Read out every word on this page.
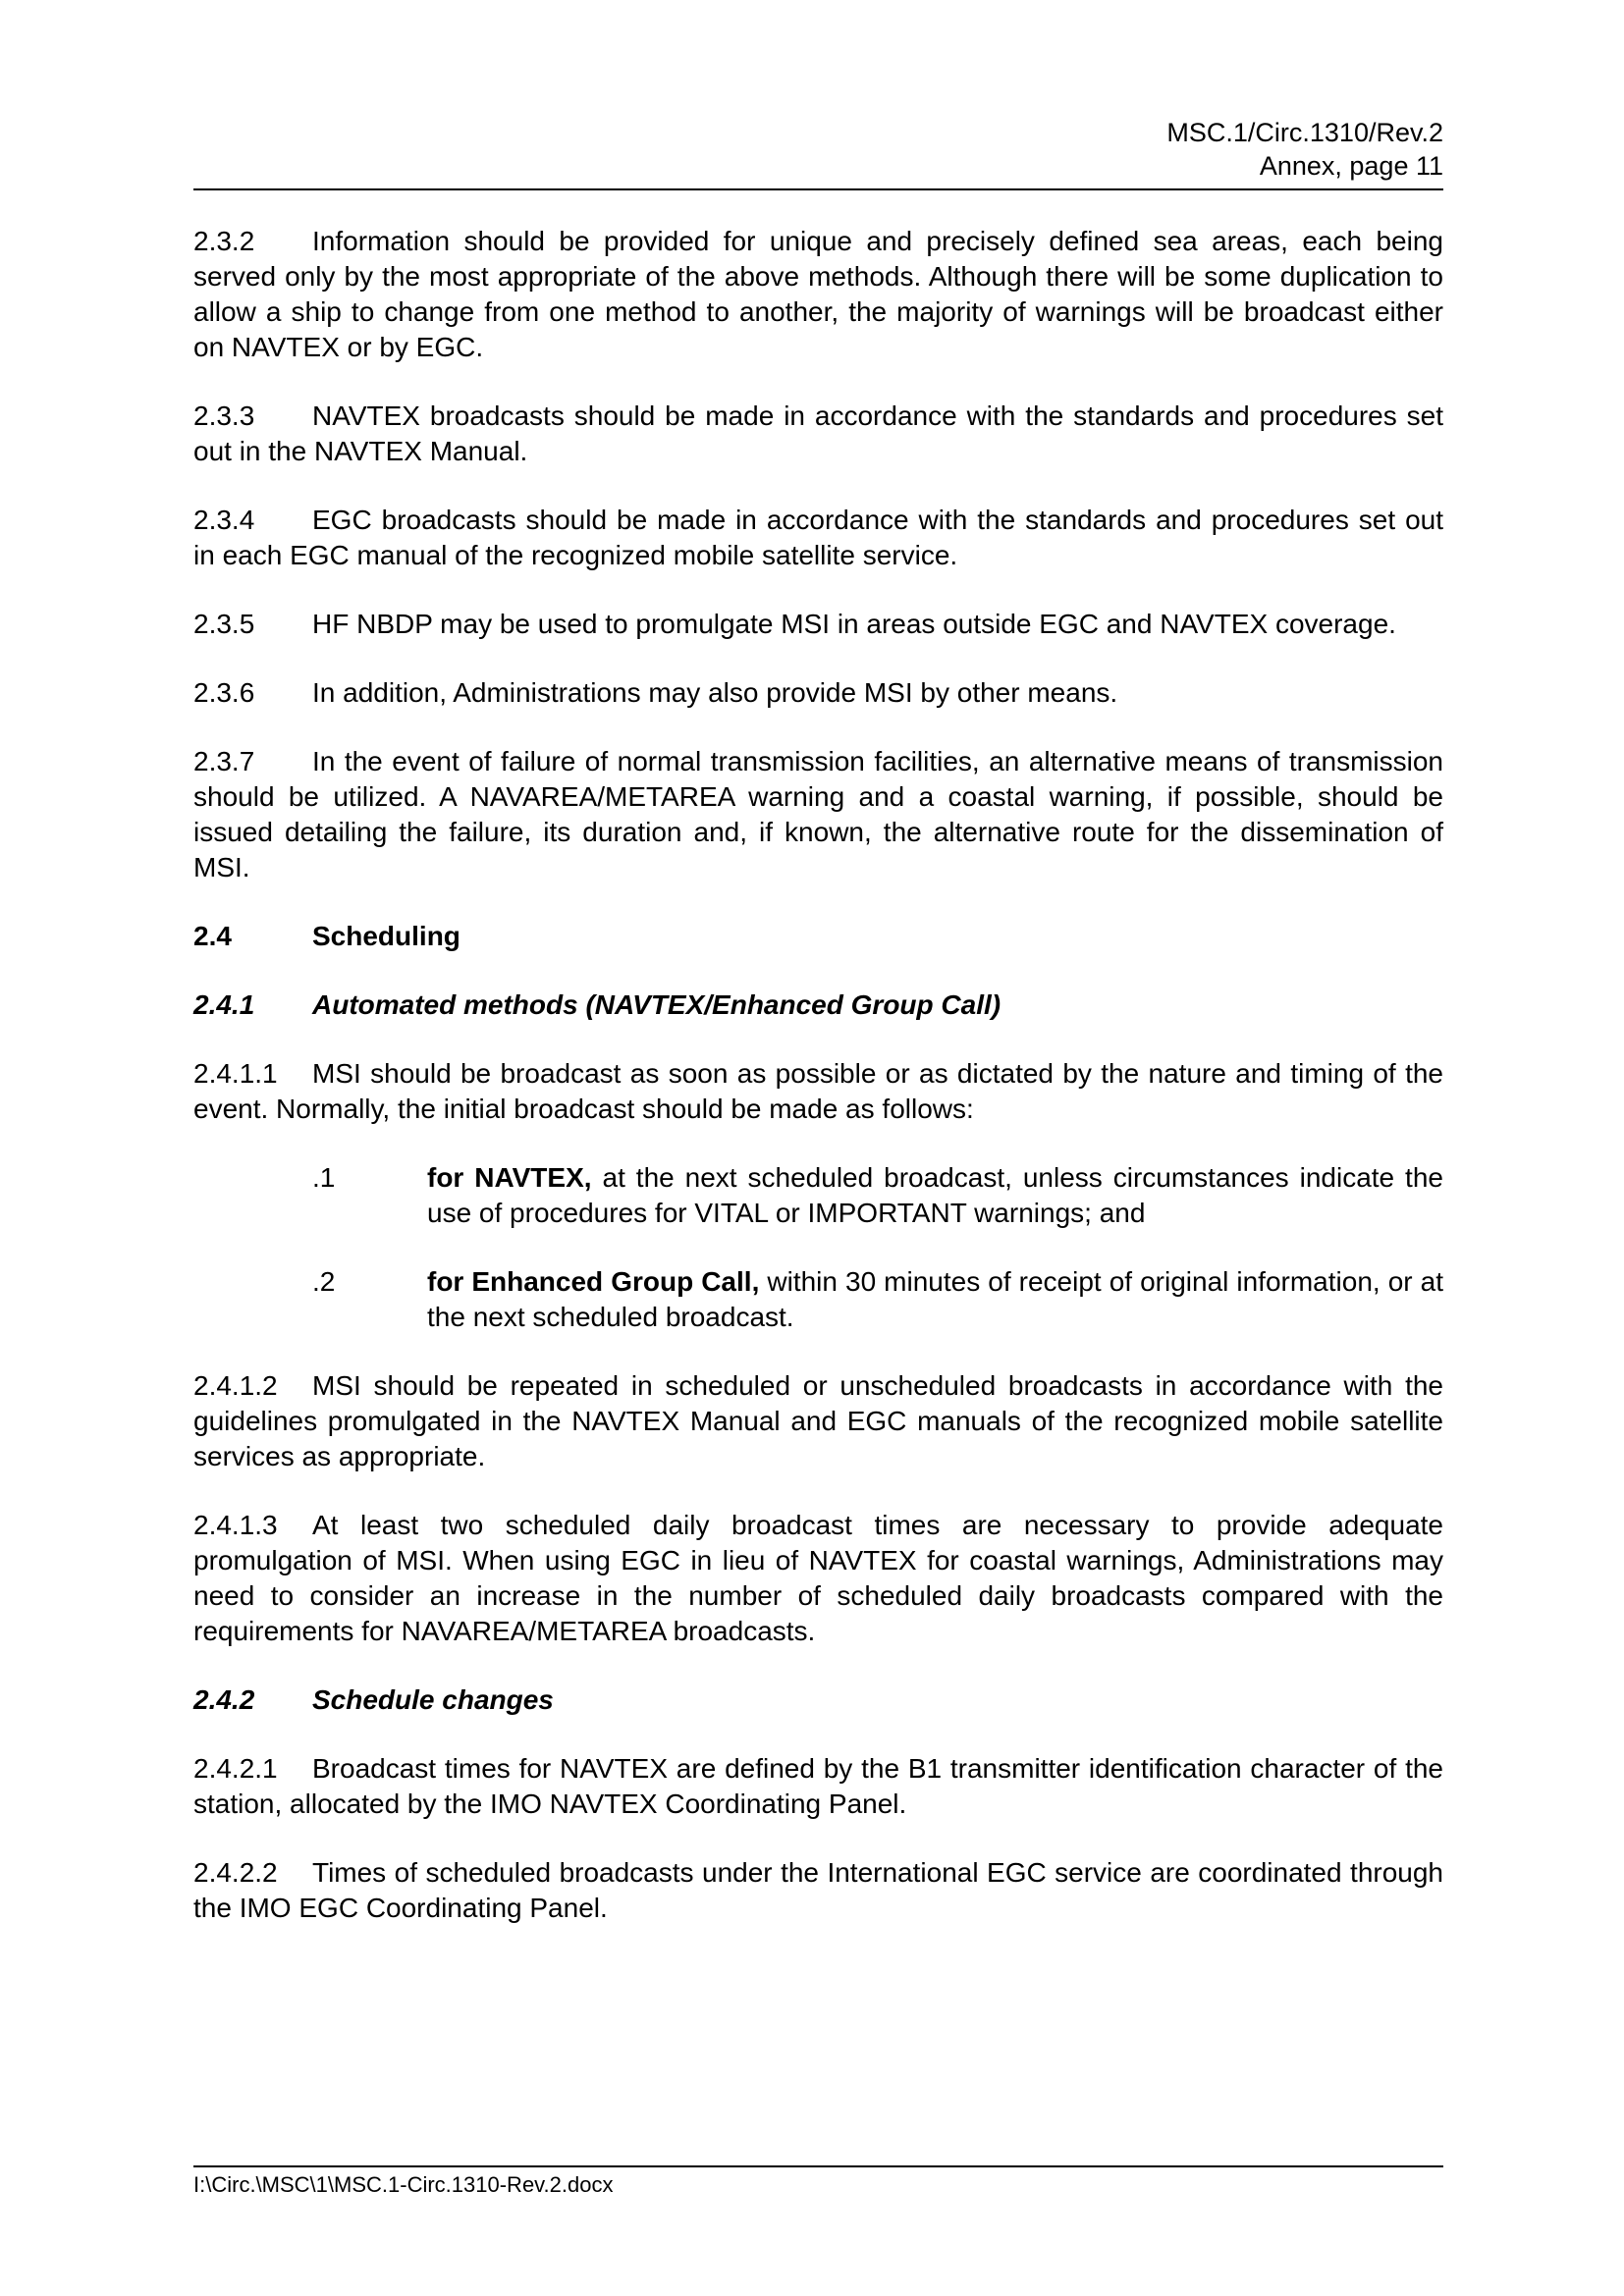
MSC.1/Circ.1310/Rev.2
Annex, page 11

2.3.2 Information should be provided for unique and precisely defined sea areas, each being served only by the most appropriate of the above methods. Although there will be some duplication to allow a ship to change from one method to another, the majority of warnings will be broadcast either on NAVTEX or by EGC.

2.3.3 NAVTEX broadcasts should be made in accordance with the standards and procedures set out in the NAVTEX Manual.

2.3.4 EGC broadcasts should be made in accordance with the standards and procedures set out in each EGC manual of the recognized mobile satellite service.

2.3.5 HF NBDP may be used to promulgate MSI in areas outside EGC and NAVTEX coverage.

2.3.6 In addition, Administrations may also provide MSI by other means.

2.3.7 In the event of failure of normal transmission facilities, an alternative means of transmission should be utilized. A NAVAREA/METAREA warning and a coastal warning, if possible, should be issued detailing the failure, its duration and, if known, the alternative route for the dissemination of MSI.

2.4	Scheduling

2.4.1 Automated methods (NAVTEX/Enhanced Group Call)

2.4.1.1 MSI should be broadcast as soon as possible or as dictated by the nature and timing of the event. Normally, the initial broadcast should be made as follows:

.1	for NAVTEX, at the next scheduled broadcast, unless circumstances indicate the use of procedures for VITAL or IMPORTANT warnings; and

.2	for Enhanced Group Call, within 30 minutes of receipt of original information, or at the next scheduled broadcast.

2.4.1.2 MSI should be repeated in scheduled or unscheduled broadcasts in accordance with the guidelines promulgated in the NAVTEX Manual and EGC manuals of the recognized mobile satellite services as appropriate.

2.4.1.3 At least two scheduled daily broadcast times are necessary to provide adequate promulgation of MSI. When using EGC in lieu of NAVTEX for coastal warnings, Administrations may need to consider an increase in the number of scheduled daily broadcasts compared with the requirements for NAVAREA/METAREA broadcasts.

2.4.2 Schedule changes

2.4.2.1 Broadcast times for NAVTEX are defined by the B1 transmitter identification character of the station, allocated by the IMO NAVTEX Coordinating Panel.

2.4.2.2 Times of scheduled broadcasts under the International EGC service are coordinated through the IMO EGC Coordinating Panel.

I:\Circ.\MSC\1\MSC.1-Circ.1310-Rev.2.docx
